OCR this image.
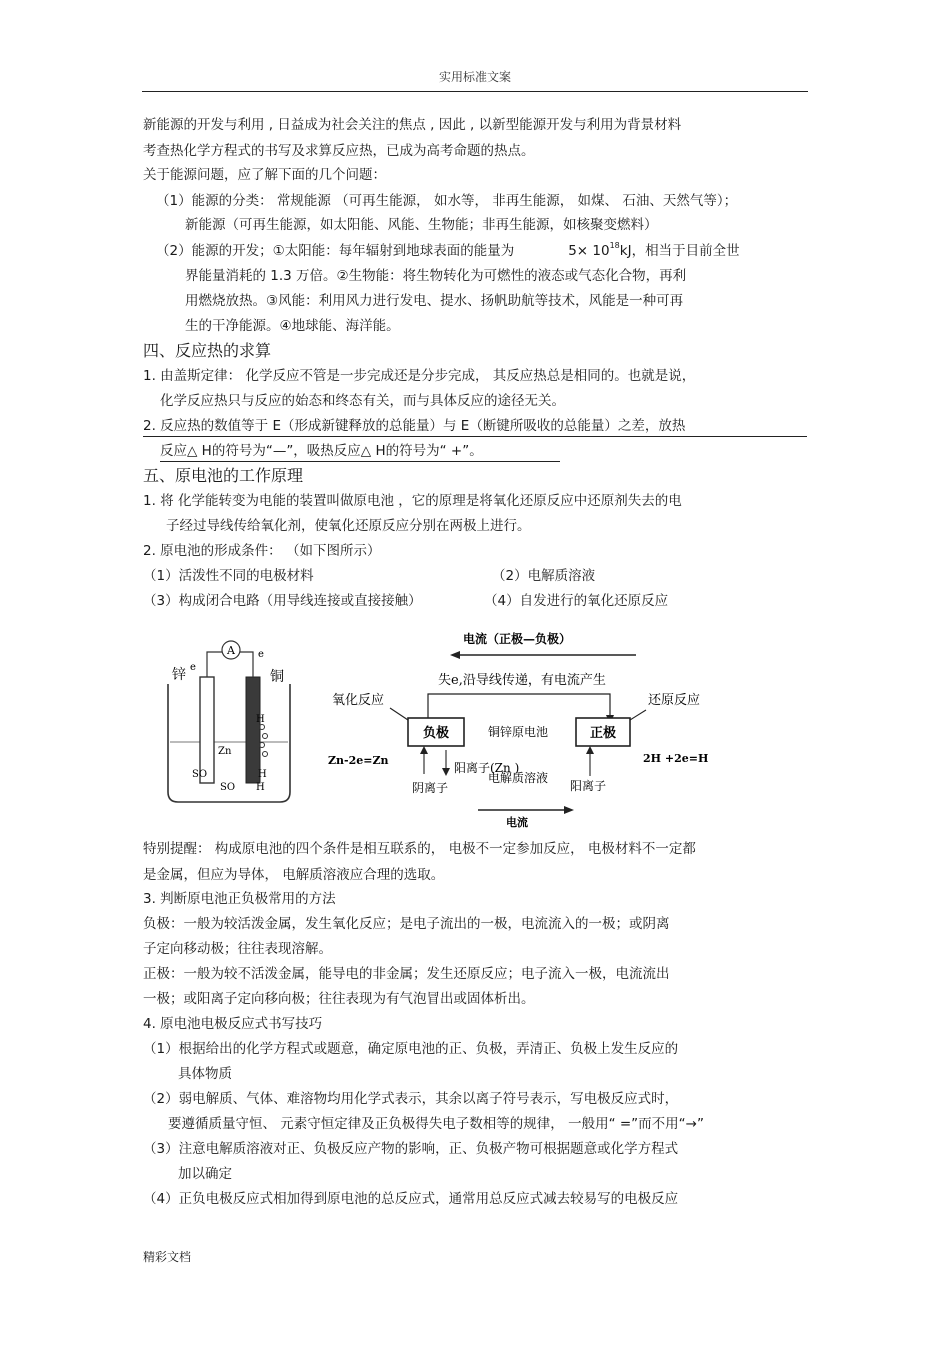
实用标准文案
新能源的开发与利用 , 日益成为社会关注的焦点 , 因此 , 以新型能源开发与利用为背景材料
考查热化学方程式的书写及求算反应热，已成为高考命题的热点。
关于能源问题，应了解下面的几个问题：
（1）能源的分类： 常规能源 （可再生能源， 如水等， 非再生能源， 如煤、 石油、天然气等）；
新能源（可再生能源，如太阳能、风能、生物能；非再生能源，如核聚变燃料）
（2）能源的开发；①太阳能：每年辐射到地球表面的能量为	$5\times 10^{18}kJ$，相当于目前全世
界能量消耗的 1.3 万倍。②生物能：将生物转化为可燃性的液态或气态化合物，再利
用燃烧放热。③风能：利用风力进行发电、提水、扬帆助航等技术，风能是一种可再
生的干净能源。④地球能、海洋能。
四、反应热的求算
1. 由盖斯定律： 化学反应不管是一步完成还是分步完成， 其反应热总是相同的。也就是说，
化学反应热只与反应的始态和终态有关，而与具体反应的途径无关。
2. 反应热的数值等于 E（形成新键释放的总能量）与 E（断键所吸收的总能量）之差，放热
反应△ H的符号为“—”，吸热反应△ H的符号为“ +”。
五、原电池的工作原理
1. 将 化学能转变为电能的装置叫做原电池 ，它的原理是将氧化还原反应中还原剂失去的电
子经过导线传给氧化剂，使氧化还原反应分别在两极上进行。
2. 原电池的形成条件： （如下图所示）
（1）活泼性不同的电极材料	（2）电解质溶液
（3）构成闭合电路（用导线连接或直接接触）	（4）自发进行的氧化还原反应
A
锌	铜
e
e
H
Zn
SO
SO
H
H
电流（正极—负极）
失e,沿导线传递，有电流产生
氧化反应
负极	铜锌原电池	正极
还原反应
Zn-2e=Zn	2H +2e=H
阳离子(Zn )
电解质溶液
阴离子	阳离子
电流
特别提醒： 构成原电池的四个条件是相互联系的， 电极不一定参加反应， 电极材料不一定都
是金属，但应为导体， 电解质溶液应合理的选取。
3. 判断原电池正负极常用的方法
负极：一般为较活泼金属，发生氧化反应；是电子流出的一极，电流流入的一极；或阴离
子定向移动极；往往表现溶解。
正极：一般为较不活泼金属，能导电的非金属；发生还原反应；电子流入一极，电流流出
一极；或阳离子定向移向极；往往表现为有气泡冒出或固体析出。
4. 原电池电极反应式书写技巧
（1）根据给出的化学方程式或题意，确定原电池的正、负极，弄清正、负极上发生反应的
具体物质
（2）弱电解质、气体、难溶物均用化学式表示，其余以离子符号表示，写电极反应式时，
要遵循质量守恒、 元素守恒定律及正负极得失电子数相等的规律， 一般用“ =”而不用“→”
（3）注意电解质溶液对正、负极反应产物的影响，正、负极产物可根据题意或化学方程式
加以确定
（4）正负电极反应式相加得到原电池的总反应式，通常用总反应式减去较易写的电极反应
精彩文档
